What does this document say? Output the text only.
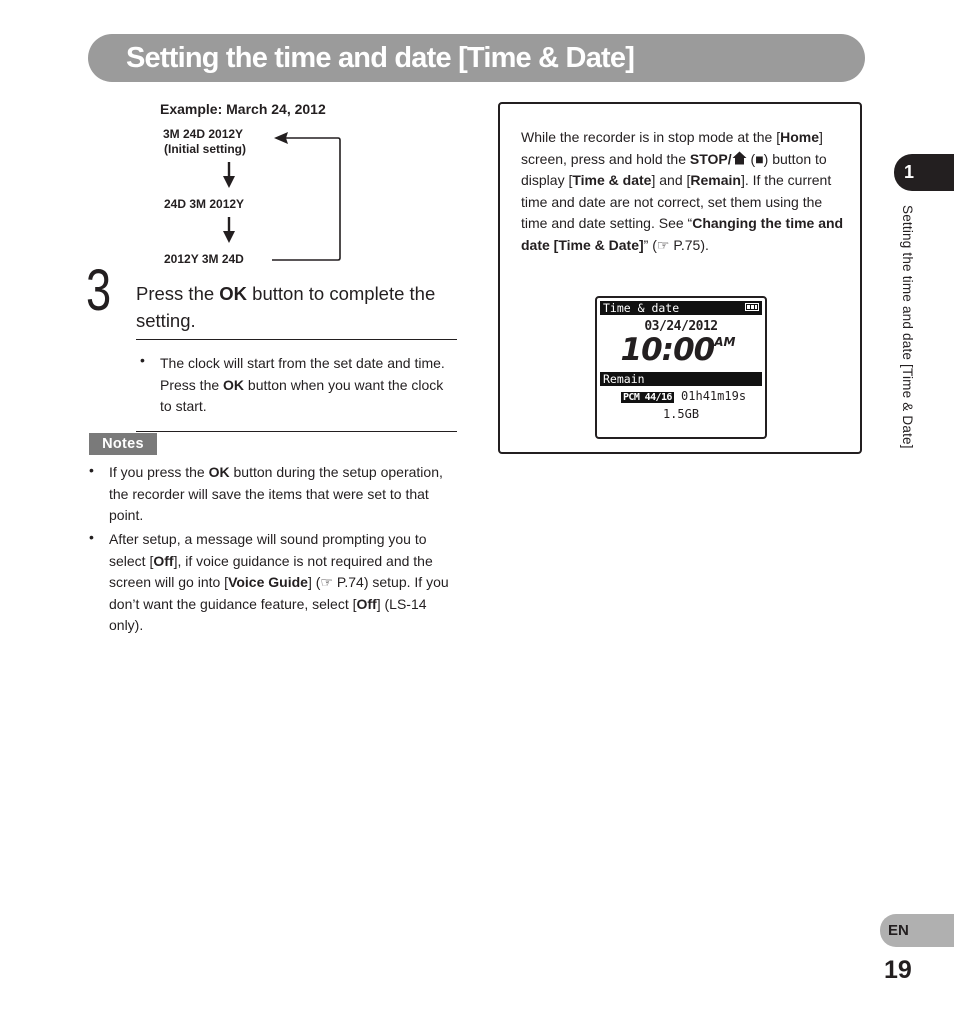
Setting the time and date [Time & Date]
Example: March 24, 2012
3M 24D 2012Y
(Initial setting)
24D 3M 2012Y
2012Y 3M 24D
3 Press the OK button to complete the setting.
• The clock will start from the set date and time. Press the OK button when you want the clock to start.
Notes
• If you press the OK button during the setup operation, the recorder will save the items that were set to that point.
• After setup, a message will sound prompting you to select [Off], if voice guidance is not required and the screen will go into [Voice Guide] (☞ P.74) setup. If you don’t want the guidance feature, select [Off] (LS-14 only).
While the recorder is in stop mode at the [Home] screen, press and hold the STOP/ (■) button to display [Time & date] and [Remain]. If the current time and date are not correct, set them using the time and date setting. See “Changing the time and date [Time & Date]” (☞ P.75).
Time & date
03/24/2012
$10:00^{AM}$
Remain
PCM 44/16 01h41m19s
1.5GB
1
Setting the time and date [Time & Date]
EN
19
